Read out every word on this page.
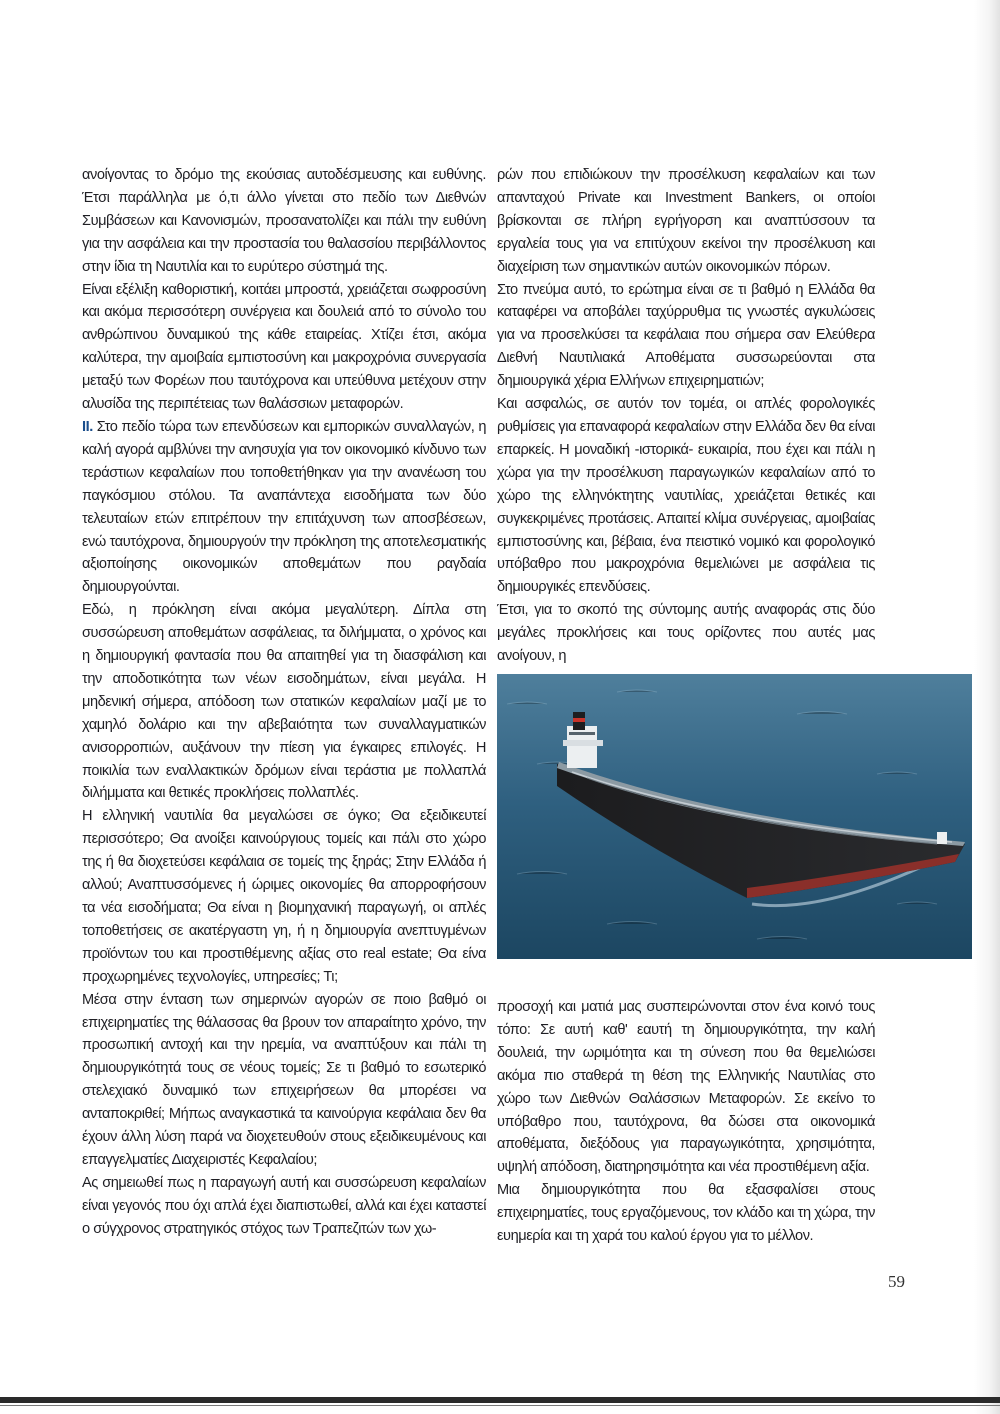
ανοίγοντας το δρόμο της εκούσιας αυτοδέσμευσης και ευθύνης. Έτσι παράλληλα με ό,τι άλλο γίνεται στο πεδίο των Διεθνών Συμβάσεων και Κανονισμών, προσανατολίζει και πάλι την ευθύνη για την ασφάλεια και την προστασία του θαλασσίου περιβάλλοντος στην ίδια τη Ναυτιλία και το ευρύτερο σύστημά της.

Είναι εξέλιξη καθοριστική, κοιτάει μπροστά, χρειάζεται σωφροσύνη και ακόμα περισσότερη συνέργεια και δουλειά από το σύνολο του ανθρώπινου δυναμικού της κάθε εταιρείας. Χτίζει έτσι, ακόμα καλύτερα, την αμοιβαία εμπιστοσύνη και μακροχρόνια συνεργασία μεταξύ των Φορέων που ταυτόχρονα και υπεύθυνα μετέχουν στην αλυσίδα της περιπέτειας των θαλάσσιων μεταφορών.

ΙΙ. Στο πεδίο τώρα των επενδύσεων και εμπορικών συναλλαγών, η καλή αγορά αμβλύνει την ανησυχία για τον οικονομικό κίνδυνο των τεράστιων κεφαλαίων που τοποθετήθηκαν για την ανανέωση του παγκόσμιου στόλου. Τα αναπάντεχα εισοδήματα των δύο τελευταίων ετών επιτρέπουν την επιτάχυνση των αποσβέσεων, ενώ ταυτόχρονα, δημιουργούν την πρόκληση της αποτελεσματικής αξιοποίησης οικονομικών αποθεμάτων που ραγδαία δημιουργούνται.

Εδώ, η πρόκληση είναι ακόμα μεγαλύτερη. Δίπλα στη συσσώρευση αποθεμάτων ασφάλειας, τα διλήμματα, ο χρόνος και η δημιουργική φαντασία που θα απαιτηθεί για τη διασφάλιση και την αποδοτικότητα των νέων εισοδημάτων, είναι μεγάλα. Η μηδενική σήμερα, απόδοση των στατικών κεφαλαίων μαζί με το χαμηλό δολάριο και την αβεβαιότητα των συναλλαγματικών ανισορροπιών, αυξάνουν την πίεση για έγκαιρες επιλογές. Η ποικιλία των εναλλακτικών δρόμων είναι τεράστια με πολλαπλά διλήμματα και θετικές προκλήσεις πολλαπλές.

Η ελληνική ναυτιλία θα μεγαλώσει σε όγκο; Θα εξειδικευτεί περισσότερο; Θα ανοίξει καινούργιους τομείς και πάλι στο χώρο της ή θα διοχετεύσει κεφάλαια σε τομείς της ξηράς; Στην Ελλάδα ή αλλού; Αναπτυσσόμενες ή ώριμες οικονομίες θα απορροφήσουν τα νέα εισοδήματα; Θα είναι η βιομηχανική παραγωγή, οι απλές τοποθετήσεις σε ακατέργαστη γη, ή η δημιουργία ανεπτυγμένων προϊόντων του και προστιθέμενης αξίας στο real estate; Θα είνα προχωρημένες τεχνολογίες, υπηρεσίες; Τι;

Μέσα στην ένταση των σημερινών αγορών σε ποιο βαθμό οι επιχειρηματίες της θάλασσας θα βρουν τον απαραίτητο χρόνο, την προσωπική αντοχή και την ηρεμία, να αναπτύξουν και πάλι τη δημιουργικότητά τους σε νέους τομείς; Σε τι βαθμό το εσωτερικό στελεχιακό δυναμικό των επιχειρήσεων θα μπορέσει να ανταποκριθεί; Μήπως αναγκαστικά τα καινούργια κεφάλαια δεν θα έχουν άλλη λύση παρά να διοχετευθούν στους εξειδικευμένους και επαγγελματίες Διαχειριστές Κεφαλαίου;

Ας σημειωθεί πως η παραγωγή αυτή και συσσώρευση κεφαλαίων είναι γεγονός που όχι απλά έχει διαπιστωθεί, αλλά και έχει καταστεί ο σύγχρονος στρατηγικός στόχος των Τραπεζιτών των χω-

ρών που επιδιώκουν την προσέλκυση κεφαλαίων και των απανταχού Private και Investment Bankers, οι οποίοι βρίσκονται σε πλήρη εγρήγορση και αναπτύσσουν τα εργαλεία τους για να επιτύχουν εκείνοι την προσέλκυση και διαχείριση των σημαντικών αυτών οικονομικών πόρων.

Στο πνεύμα αυτό, το ερώτημα είναι σε τι βαθμό η Ελλάδα θα καταφέρει να αποβάλει ταχύρρυθμα τις γνωστές αγκυλώσεις για να προσελκύσει τα κεφάλαια που σήμερα σαν Ελεύθερα Διεθνή Ναυτιλιακά Αποθέματα συσσωρεύονται στα δημιουργικά χέρια Ελλήνων επιχειρηματιών;

Και ασφαλώς, σε αυτόν τον τομέα, οι απλές φορολογικές ρυθμίσεις για επαναφορά κεφαλαίων στην Ελλάδα δεν θα είναι επαρκείς. Η μοναδική -ιστορικά- ευκαιρία, που έχει και πάλι η χώρα για την προσέλκυση παραγωγικών κεφαλαίων από το χώρο της ελληνόκτητης ναυτιλίας, χρειάζεται θετικές και συγκεκριμένες προτάσεις. Απαιτεί κλίμα συνέργειας, αμοιβαίας εμπιστοσύνης και, βέβαια, ένα πειστικό νομικό και φορολογικό υπόβαθρο που μακροχρόνια θεμελιώνει με ασφάλεια τις δημιουργικές επενδύσεις.

Έτσι, για το σκοπό της σύντομης αυτής αναφοράς στις δύο μεγάλες προκλήσεις και τους ορίζοντες που αυτές μας ανοίγουν, η

προσοχή και ματιά μας συσπειρώνονται στον ένα κοινό τους τόπο: Σε αυτή καθ' εαυτή τη δημιουργικότητα, την καλή δουλειά, την ωριμότητα και τη σύνεση που θα θεμελιώσει ακόμα πιο σταθερά τη θέση της Ελληνικής Ναυτιλίας στο χώρο των Διεθνών Θαλάσσιων Μεταφορών. Σε εκείνο το υπόβαθρο που, ταυτόχρονα, θα δώσει στα οικονομικά αποθέματα, διεξόδους για παραγωγικότητα, χρησιμότητα, υψηλή απόδοση, διατηρησιμότητα και νέα προστιθέμενη αξία.

Μια δημιουργικότητα που θα εξασφαλίσει στους επιχειρηματίες, τους εργαζόμενους, τον κλάδο και τη χώρα, την ευημερία και τη χαρά του καλού έργου για το μέλλον.

59
